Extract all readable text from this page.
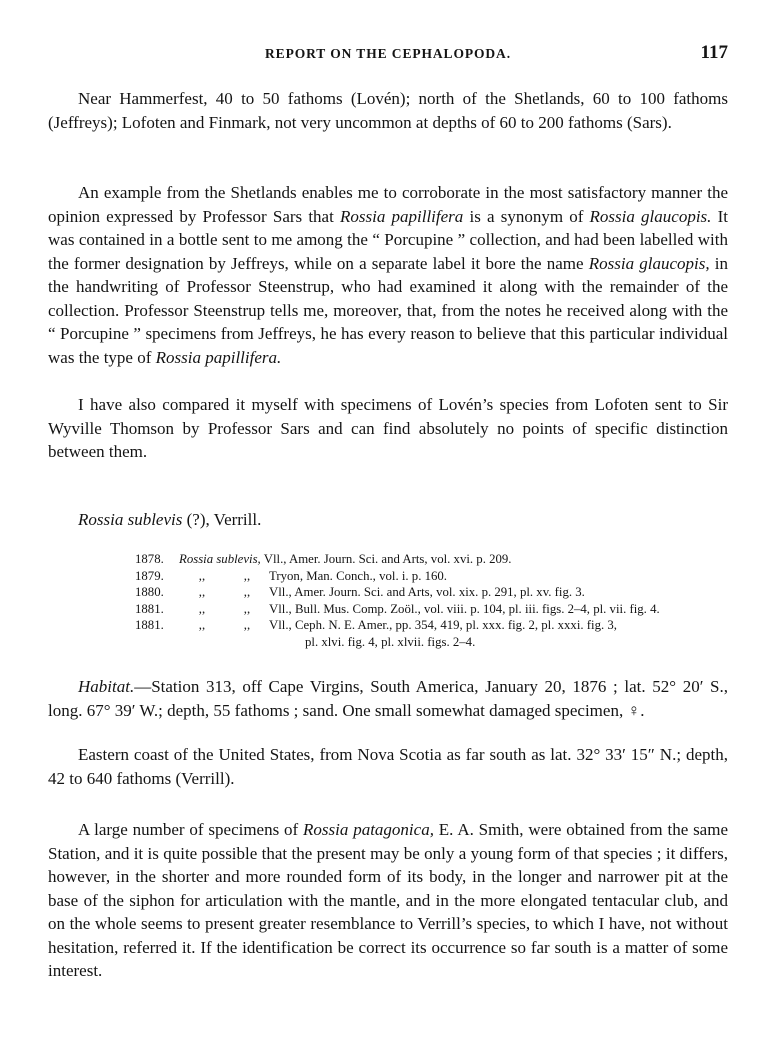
REPORT ON THE CEPHALOPODA.	117

Near Hammerfest, 40 to 50 fathoms (Lovén); north of the Shetlands, 60 to 100 fathoms (Jeffreys); Lofoten and Finmark, not very uncommon at depths of 60 to 200 fathoms (Sars).

An example from the Shetlands enables me to corroborate in the most satisfactory manner the opinion expressed by Professor Sars that Rossia papillifera is a synonym of Rossia glaucopis. It was contained in a bottle sent to me among the “ Porcupine ” collection, and had been labelled with the former designation by Jeffreys, while on a separate label it bore the name Rossia glaucopis, in the handwriting of Professor Steenstrup, who had examined it along with the remainder of the collection. Professor Steenstrup tells me, moreover, that, from the notes he received along with the “ Porcupine ” specimens from Jeffreys, he has every reason to believe that this particular individual was the type of Rossia papillifera.

I have also compared it myself with specimens of Lovén’s species from Lofoten sent to Sir Wyville Thomson by Professor Sars and can find absolutely no points of specific distinction between them.

Rossia sublevis (?), Verrill.
1878.	Rossia sublevis, Vll., Amer. Journ. Sci. and Arts, vol. xvi. p. 209.
1879.	,,	,,	Tryon, Man. Conch., vol. i. p. 160.
1880.	,,	,,	Vll., Amer. Journ. Sci. and Arts, vol. xix. p. 291, pl. xv. fig. 3.
1881.	,,	,,	Vll., Bull. Mus. Comp. Zoöl., vol. viii. p. 104, pl. iii. figs. 2–4, pl. vii. fig. 4.
1881.	,,	,,	Vll., Ceph. N. E. Amer., pp. 354, 419, pl. xxx. fig. 2, pl. xxxi. fig. 3,
pl. xlvi. fig. 4, pl. xlvii. figs. 2–4.

Habitat.—Station 313, off Cape Virgins, South America, January 20, 1876 ; lat. 52° 20′ S., long. 67° 39′ W.; depth, 55 fathoms ; sand. One small somewhat damaged specimen, ♀.

Eastern coast of the United States, from Nova Scotia as far south as lat. 32° 33′ 15″ N.; depth, 42 to 640 fathoms (Verrill).

A large number of specimens of Rossia patagonica, E. A. Smith, were obtained from the same Station, and it is quite possible that the present may be only a young form of that species ; it differs, however, in the shorter and more rounded form of its body, in the longer and narrower pit at the base of the siphon for articulation with the mantle, and in the more elongated tentacular club, and on the whole seems to present greater resemblance to Verrill’s species, to which I have, not without hesitation, referred it. If the identification be correct its occurrence so far south is a matter of some interest.
